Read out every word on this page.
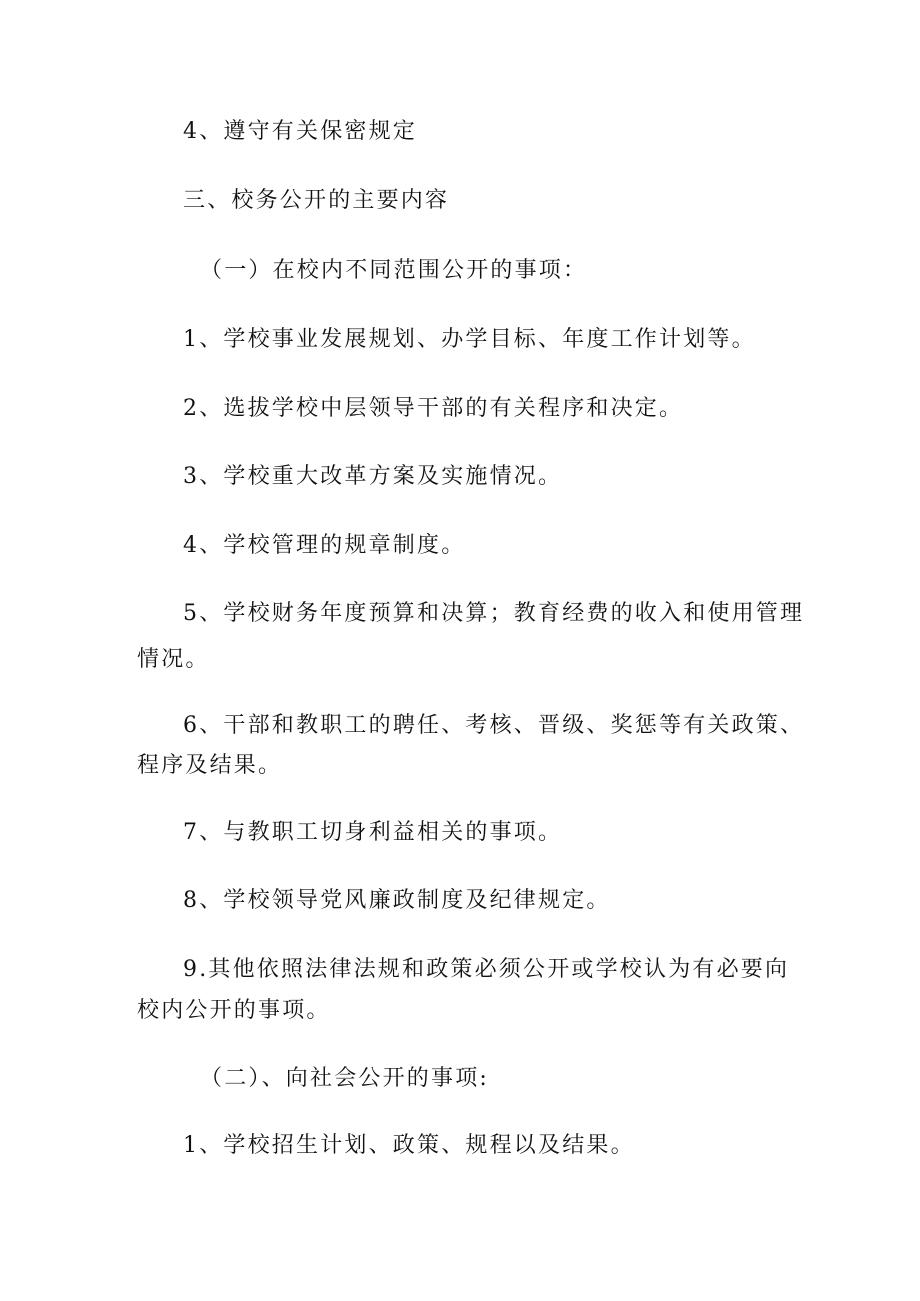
4、遵守有关保密规定
三、校务公开的主要内容
（一）在校内不同范围公开的事项：
1、学校事业发展规划、办学目标、年度工作计划等。
2、选拔学校中层领导干部的有关程序和决定。
3、学校重大改革方案及实施情况。
4、学校管理的规章制度。
5、学校财务年度预算和决算；教育经费的收入和使用管理
情况。
6、干部和教职工的聘任、考核、晋级、奖惩等有关政策、
程序及结果。
7、与教职工切身利益相关的事项。
8、学校领导党风廉政制度及纪律规定。
9.其他依照法律法规和政策必须公开或学校认为有必要向
校内公开的事项。
（二）、向社会公开的事项:
1、学校招生计划、政策、规程以及结果。
